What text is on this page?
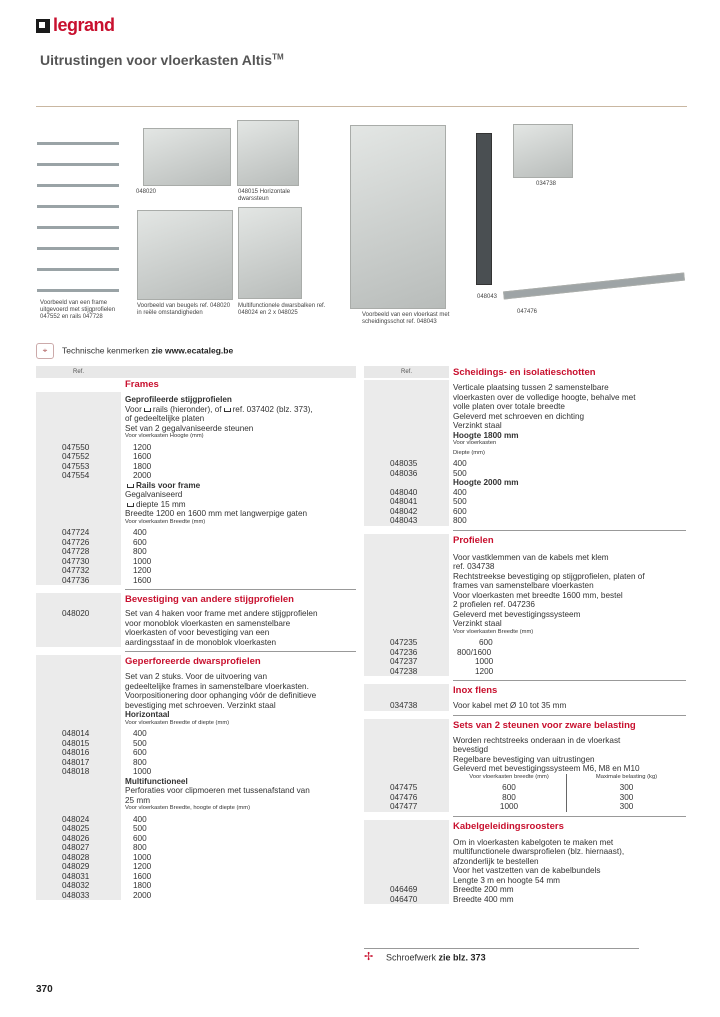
legrand
Uitrustingen voor vloerkasten Altis™
Voorbeeld van een frame uitgevoerd met stijgprofielen 047552 en rails 047728
048020
Voorbeeld van beugels ref. 048020 in reële omstandigheden
048015 Horizontale dwarssteun
Multifunctionele dwarsbalken ref. 048024 en 2 x 048025	Voorbeeld van een vloerkast met scheidingsschot ref. 048043
034738
048043
047476
⌖ Technische kenmerken zie www.ecataleg.be
Ref.
Frames
Geprofileerde stijgprofielen
Voor rails (hieronder), of ref. 037402 (blz. 373),
of gedeeltelijke platen
Set van 2 gegalvaniseerde steunen
Voor vloerkasten Hoogte (mm)
047550	1200
047552	1600
047553	1800
047554	2000
Rails voor frame
Gegalvaniseerd
diepte 15 mm
Breedte 1200 en 1600 mm met langwerpige gaten
Voor vloerkasten Breedte (mm)
047724	400
047726	600
047728	800
047730	1000
047732	1200
047736	1600
Bevestiging van andere stijgprofielen
048020	Set van 4 haken voor frame met andere stijgprofielen
voor monoblok vloerkasten en samenstelbare
vloerkasten of voor bevestiging van een
aardingsstaaf in de monoblok vloerkasten
Geperforeerde dwarsprofielen
Set van 2 stuks. Voor de uitvoering van
gedeeltelijke frames in samenstelbare vloerkasten.
Voorpositionering door ophanging vóór de definitieve
bevestiging met schroeven. Verzinkt staal
Horizontaal
Voor vloerkasten Breedte of diepte (mm)
048014	400
048015	500
048016	600
048017	800
048018	1000
Multifunctioneel
Perforaties voor clipmoeren met tussenafstand van
25 mm
Voor vloerkasten Breedte, hoogte of diepte (mm)
048024	400
048025	500
048026	600
048027	800
048028	1000
048029	1200
048031	1600
048032	1800
048033	2000
Ref.	Scheidings- en isolatieschotten
Verticale plaatsing tussen 2 samenstelbare
vloerkasten over de volledige hoogte, behalve met
volle platen over totale breedte
Geleverd met schroeven en dichting
Verzinkt staal
Hoogte 1800 mm
Voor vloerkasten
Diepte (mm)
048035	400
048036	500
Hoogte 2000 mm
048040	400
048041	500
048042	600
048043	800
Profielen
Voor vastklemmen van de kabels met klem
ref. 034738
Rechtstreekse bevestiging op stijgprofielen, platen of
frames van samenstelbare vloerkasten
Voor vloerkasten met breedte 1600 mm, bestel
2 profielen ref. 047236
Geleverd met bevestigingssysteem
Verzinkt staal
Voor vloerkasten Breedte (mm)
047235	600
047236	800/1600
047237	1000
047238	1200
Inox flens
034738	Voor kabel met Ø 10 tot 35 mm
Sets van 2 steunen voor zware belasting
Worden rechtstreeks onderaan in de vloerkast
bevestigd
Regelbare bevestiging van uitrustingen
Geleverd met bevestigingssysteem M6, M8 en M10
Voor vloerkasten breedte (mm)	Maximale belasting (kg)
047475	600	300
047476	800	300
047477	1000	300
Kabelgeleidingsroosters
Om in vloerkasten kabelgoten te maken met
multifunctionele dwarsprofielen (blz. hiernaast),
afzonderlijk te bestellen
Voor het vastzetten van de kabelbundels
Lengte 3 m en hoogte 54 mm
046469	Breedte 200 mm
046470	Breedte 400 mm
✢ Schroefwerk zie blz. 373
370
